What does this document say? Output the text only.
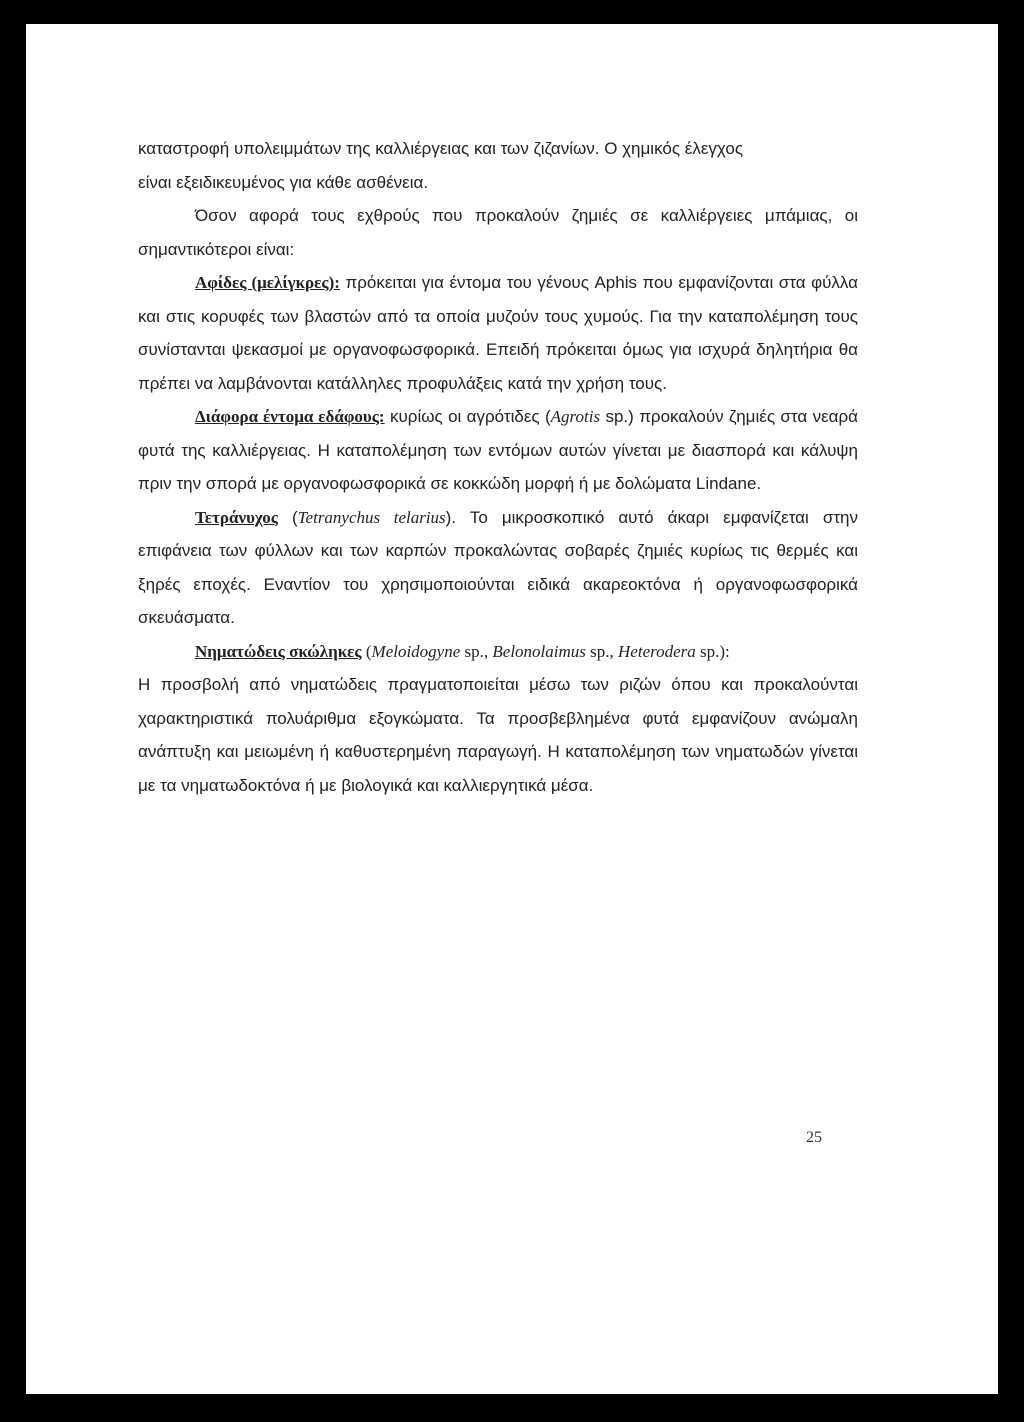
καταστροφή υπολειμμάτων της καλλιέργειας και των ζιζανίων. Ο χημικός έλεγχος

είναι εξειδικευμένος για κάθε ασθένεια.

Όσον αφορά τους εχθρούς που προκαλούν ζημιές σε καλλιέργειες μπάμιας, οι σημαντικότεροι είναι:

Αφίδες (μελίγκρες): πρόκειται για έντομα του γένους Aphis που εμφανίζονται στα φύλλα και στις κορυφές των βλαστών από τα οποία μυζούν τους χυμούς. Για την καταπολέμηση τους συνίστανται ψεκασμοί με οργανοφωσφορικά. Επειδή πρόκειται όμως για ισχυρά δηλητήρια θα πρέπει να λαμβάνονται κατάλληλες προφυλάξεις κατά την χρήση τους.

Διάφορα έντομα εδάφους: κυρίως οι αγρότιδες (Agrotis sp.) προκαλούν ζημιές στα νεαρά φυτά της καλλιέργειας. Η καταπολέμηση των εντόμων αυτών γίνεται με διασπορά και κάλυψη πριν την σπορά με οργανοφωσφορικά σε κοκκώδη μορφή ή με δολώματα Lindane.

Τετράνυχος (Tetranychus telarius). Το μικροσκοπικό αυτό άκαρι εμφανίζεται στην επιφάνεια των φύλλων και των καρπών προκαλώντας σοβαρές ζημιές κυρίως τις θερμές και ξηρές εποχές. Εναντίον του χρησιμοποιούνται ειδικά ακαρεοκτόνα ή οργανοφωσφορικά σκευάσματα.

Νηματώδεις σκώληκες (Meloidogyne sp., Belonolaimus sp., Heterodera sp.):

Η προσβολή από νηματώδεις πραγματοποιείται μέσω των ριζών όπου και προκαλούνται χαρακτηριστικά πολυάριθμα εξογκώματα. Τα προσβεβλημένα φυτά εμφανίζουν ανώμαλη ανάπτυξη και μειωμένη ή καθυστερημένη παραγωγή. Η καταπολέμηση των νηματωδών γίνεται με τα νηματωδοκτόνα ή με βιολογικά και καλλιεργητικά μέσα.

25
